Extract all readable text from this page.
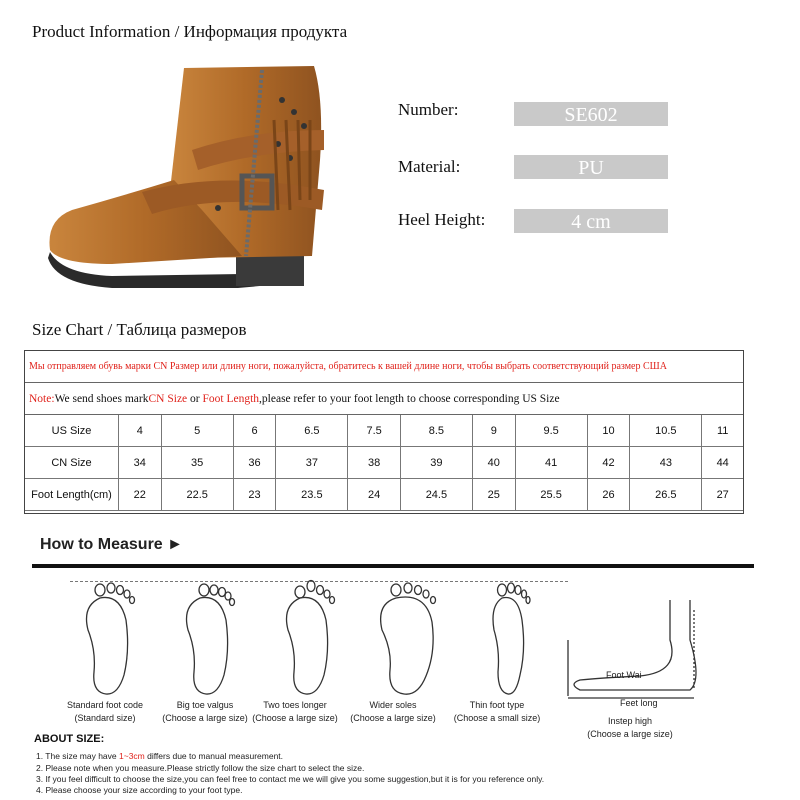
Product Information / Информация продукта
Number:	SE602
Material:	PU
Heel Height:	4 cm
Size Chart / Таблица размеров
Мы отправляем обувь марки CN Размер или длину ноги, пожалуйста, обратитесь к вашей длине ноги, чтобы выбрать соответствующий размер США
Note: We send shoes mark CN Size or Foot Length ,please refer to your foot length to choose corresponding US Size
US Size	4	5	6	6.5	7.5	8.5	9	9.5	10	10.5	11
CN Size	34	35	36	37	38	39	40	41	42	43	44
Foot Length(cm)	22	22.5	23	23.5	24	24.5	25	25.5	26	26.5	27
How to Measure ►
Foot Wai
Feet long
Standard foot code
(Standard size)
Big toe valgus
(Choose a large size)
Two toes longer
(Choose a large size)
Wider soles
(Choose a large size)
Thin foot type
(Choose a small size)	Instep high
(Choose a large size)
ABOUT SIZE:
1. The size may have 1~3cm differs due to manual measurement.
2. Please note when you measure.Please strictly follow the size chart to select the size.
3. If you feel difficult to choose the size,you can feel free to contact me we will give you some suggestion,but it is for you reference only.
4. Please choose your size according to your foot type.
